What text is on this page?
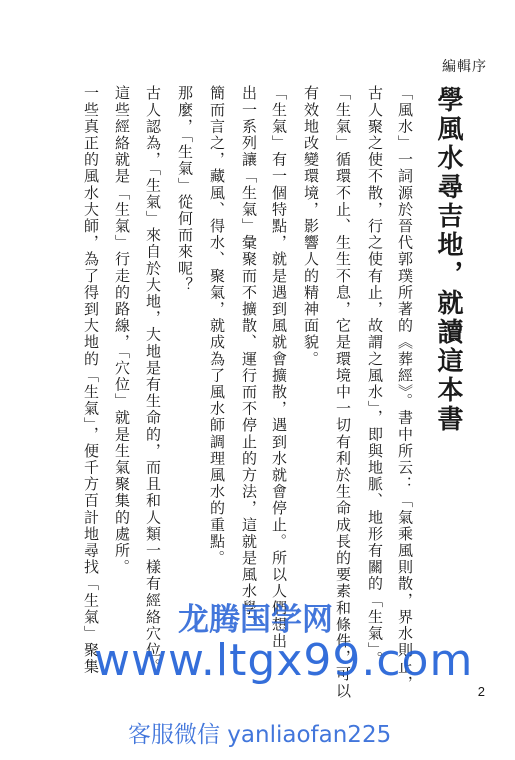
編輯序
學風水尋吉地，就讀這本書
「風水」一詞源於晉代郭璞所著的《葬經》。書中所云：「氣乘風則散，界水則止，
古人聚之使不散，行之使有止，故謂之風水」，即與地脈、地形有關的「生氣」。
「生氣」循環不止、生生不息，它是環境中一切有利於生命成長的要素和條件，可以
有效地改變環境，影響人的精神面貌。
「生氣」有一個特點，就是遇到風就會擴散，遇到水就會停止。所以人們想出
出一系列讓「生氣」彙聚而不擴散、運行而不停止的方法，這就是風水學，
簡而言之，藏風、得水、聚氣，就成為了風水師調理風水的重點。
那麼，「生氣」從何而來呢？
古人認為，「生氣」來自於大地，大地是有生命的，而且和人類一樣有經絡穴位。
這些經絡就是「生氣」行走的路線，「穴位」就是生氣聚集的處所。
一些真正的風水大師，為了得到大地的「生氣」，便千方百計地尋找「生氣」聚集
2
龙腾国学网
www.ltgx99.com
客服微信 yanliaofan225
